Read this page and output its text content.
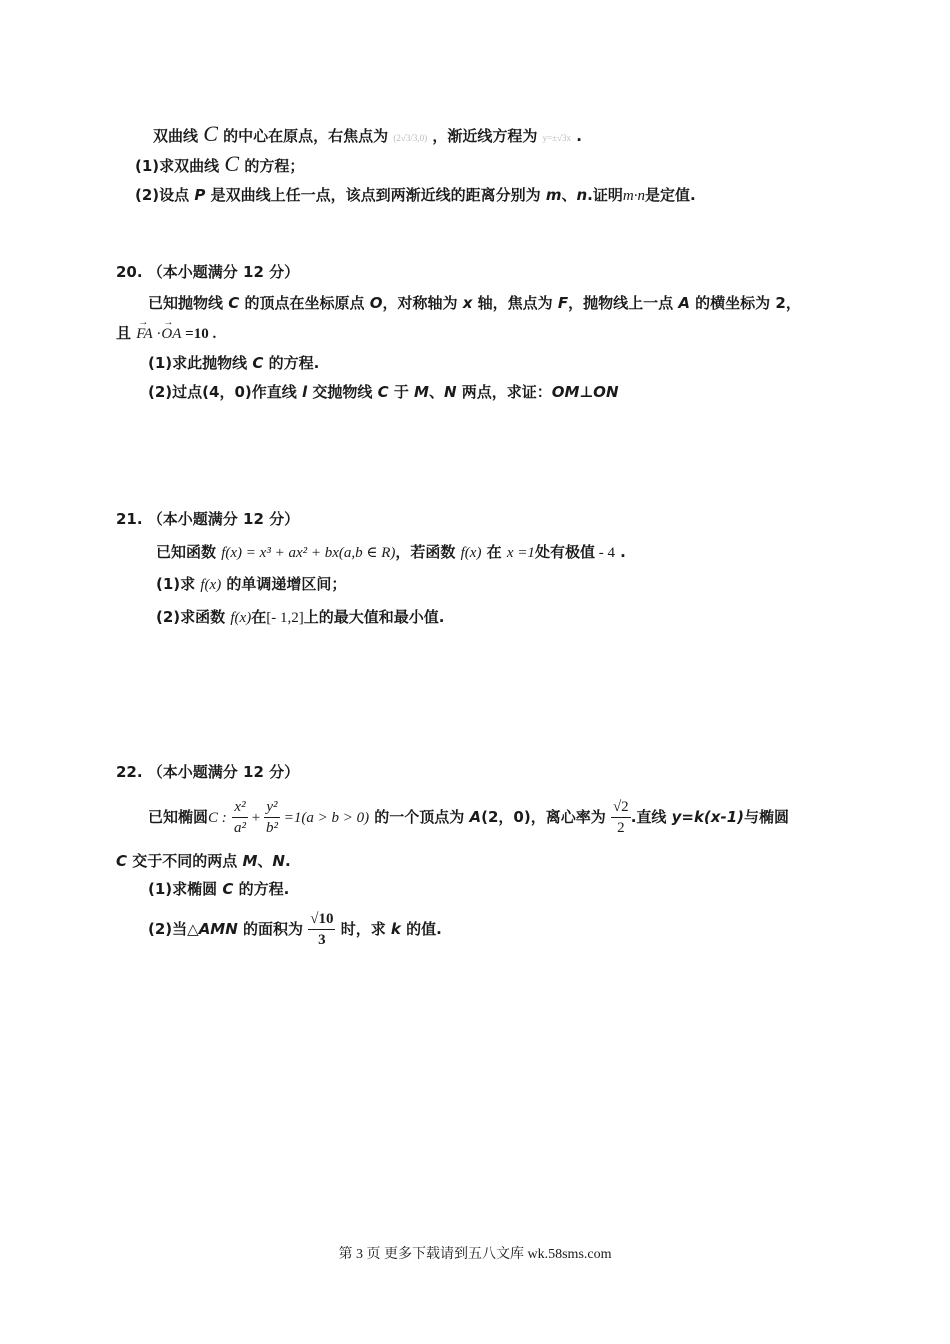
双曲线 C 的中心在原点，右焦点为 (2√3/3,0) ，渐近线方程为 y=±√3x .
(1)求双曲线 C 的方程；
(2)设点 P 是双曲线上任一点，该点到两渐近线的距离分别为 m、n.证明m·n是定值.
20. （本小题满分 12 分）
已知抛物线 C 的顶点在坐标原点 O，对称轴为 x 轴，焦点为 F，抛物线上一点 A 的横坐标为 2，
且 → FA ·→ OA =10 .
(1)求此抛物线 C 的方程.
(2)过点(4，0)作直线 l 交抛物线 C 于 M、N 两点，求证：OM⊥ON
21. （本小题满分 12 分）
已知函数 f(x) = x³ + ax² + bx(a,b ∈ R)，若函数 f(x) 在 x =1处有极值 - 4 .
(1)求 f(x) 的单调递增区间；
(2)求函数 f(x)在[- 1,2]上的最大值和最小值.
22. （本小题满分 12 分）
已知椭圆C : $\frac{\text{x²}}{\text{a²}} + \frac{\text{y²}}{\text{b²}} =1(a > b > 0)$ 的一个顶点为 A(2，0)，离心率为 $\frac{√2}{2}$ .直线 y=k(x-1)与椭圆
C 交于不同的两点 M、N.
(1)求椭圆 C 的方程.
(2)当△AMN 的面积为 $\frac{√10}{3}$ 时，求 k 的值.
第 3 页 更多下载请到五八文库 wk.58sms.com
